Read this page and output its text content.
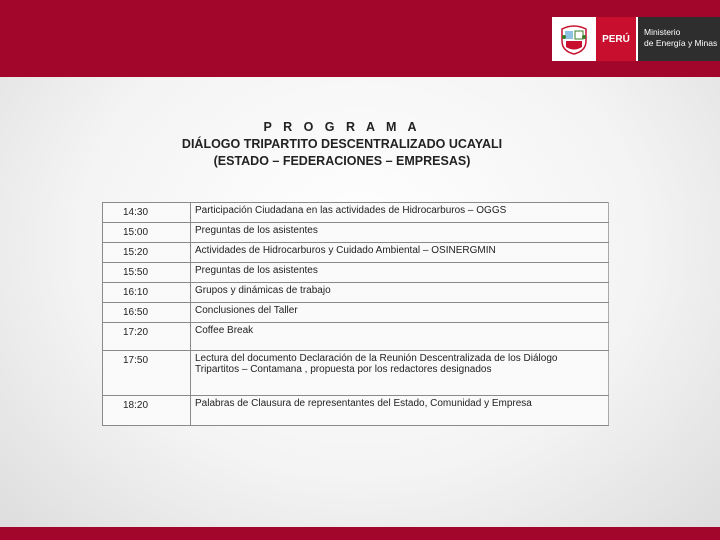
PERÚ
Ministerio
de Energía y Minas
P R O G R A M A
DIÁLOGO TRIPARTITO DESCENTRALIZADO UCAYALI
(ESTADO – FEDERACIONES – EMPRESAS)
14:30	Participación Ciudadana en las actividades de Hidrocarburos – OGGS
15:00	Preguntas de los asistentes
15:20	Actividades de Hidrocarburos y Cuidado Ambiental – OSINERGMIN
15:50	Preguntas de los asistentes
16:10	Grupos y dinámicas de trabajo
16:50	Conclusiones del Taller
17:20	Coffee Break
17:50	Lectura del documento Declaración de la Reunión Descentralizada de los Diálogo Tripartitos – Contamana , propuesta por los redactores designados
18:20	Palabras de Clausura de representantes del Estado, Comunidad y Empresa
